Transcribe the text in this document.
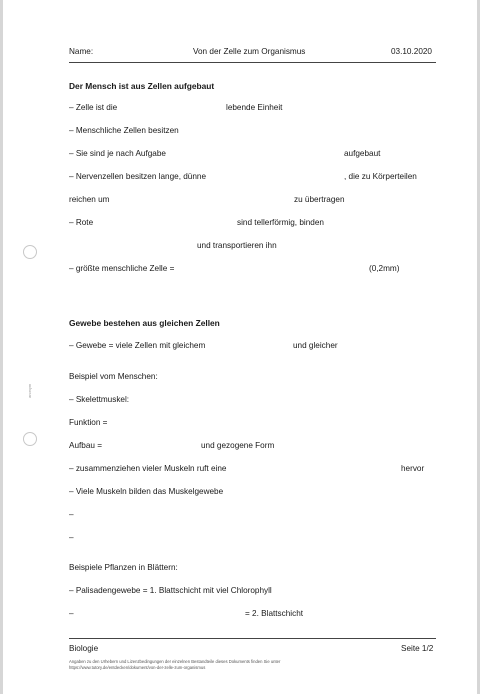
anonym
Name:	Von der Zelle zum Organismus	03.10.2020
Der Mensch ist aus Zellen aufgebaut
– Zelle ist die	lebende Einheit
– Menschliche Zellen besitzen
– Sie sind je nach Aufgabe	aufgebaut
– Nervenzellen besitzen lange, dünne	, die zu Körperteilen
reichen um	zu übertragen
– Rote	sind tellerförmig, binden
und transportieren ihn
– größte menschliche Zelle =	(0,2mm)
Gewebe bestehen aus gleichen Zellen
– Gewebe = viele Zellen mit gleichem	und gleicher
Beispiel vom Menschen:
– Skelettmuskel:
Funktion =
Aufbau =	und gezogene Form
– zusammenziehen vieler Muskeln ruft eine	hervor
– Viele Muskeln bilden das Muskelgewebe
–
–
Beispiele Pflanzen in Blättern:
– Palisadengewebe = 1. Blattschicht mit viel Chlorophyll
–	= 2. Blattschicht
Biologie	Seite 1/2
Angaben zu den Urhebern und Lizenzbedingungen der einzelnen Bestandteile dieses Dokuments finden Sie unter
https://www.tutory.de/entdecken/dokument/von-der-zelle-zum-organismus
